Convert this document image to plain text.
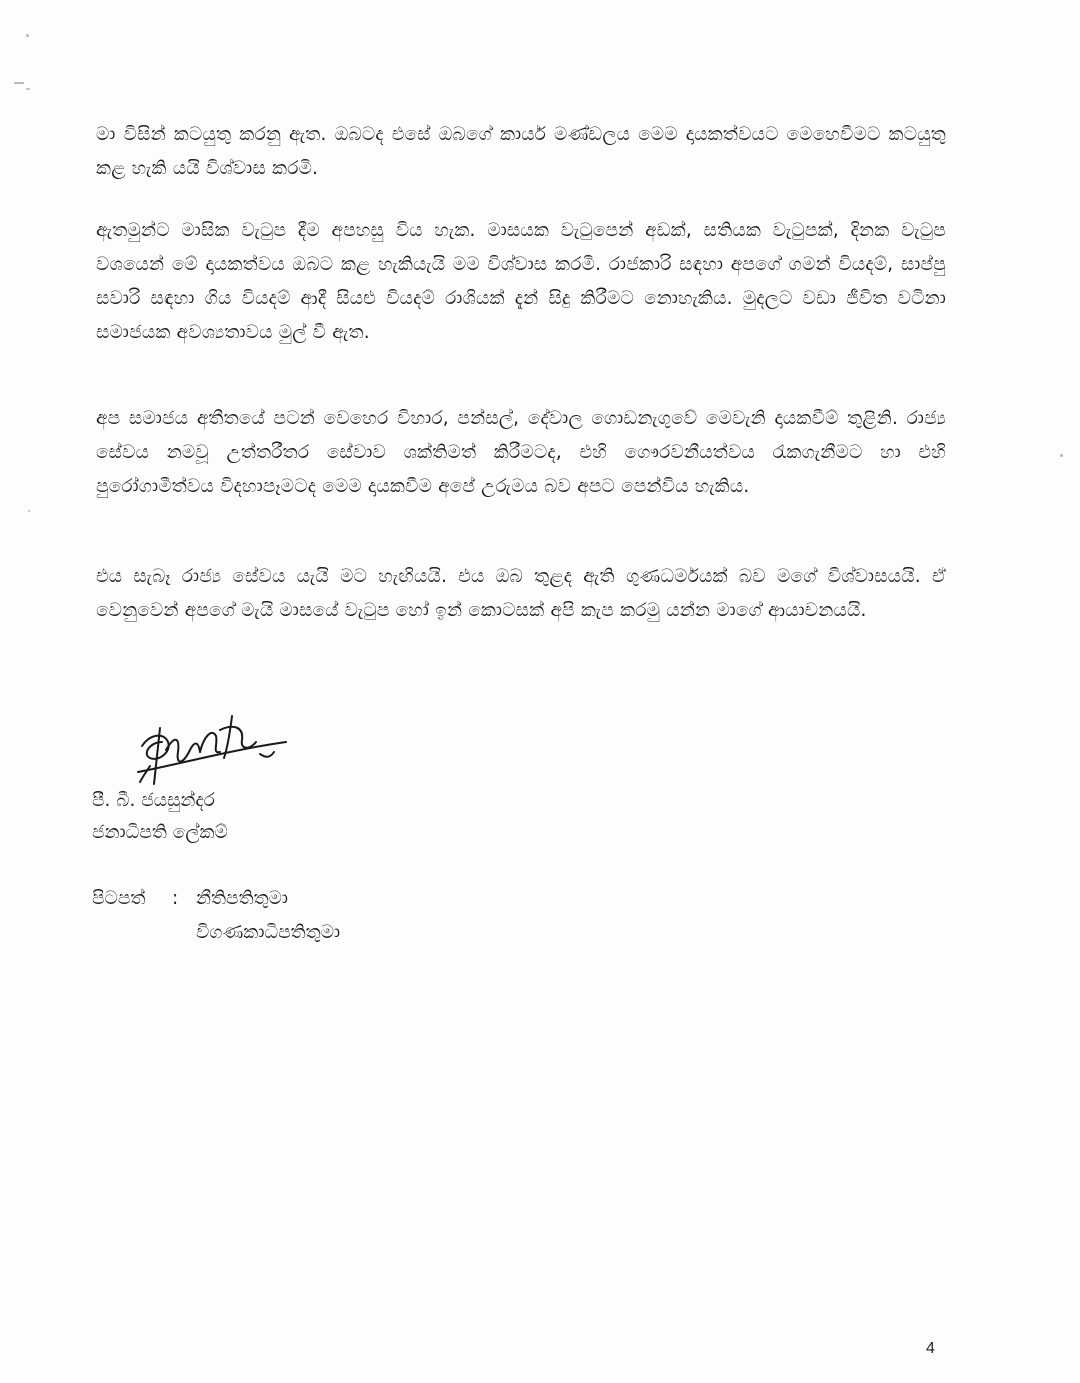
මා විසින් කටයුතු කරනු ඇත. ඔබටද එසේ ඔබගේ කාර්ය මණ්ඩලය මෙම දායකත්වයට මෙහෙවීමට කටයුතු කළ හැකි යයි විශ්වාස කරමි.

ඇතමුන්ට මාසික වැටුප දීම අපහසු විය හැක. මාසයක වැටුපෙන් අඩක්, සතියක වැටුපක්, දිනක වැටුප වශයෙන් මේ දායකත්වය ඔබට කළ හැකියැයි මම විශ්වාස කරමි. රාජකාරි සඳහා අපගේ ගමන් වියදම්, සාප්පු සවාරි සඳහා ගිය වියදම් ආදී සියළු වියදම් රාශියක් දැන් සිදු කිරීමට නොහැකිය. මුදලට වඩා ජීවිත වටිනා සමාජයක අවශ්‍යතාවය මුල් වී ඇත.

අප සමාජය අතීතයේ පටන් වෙහෙර විහාර, පන්සල්, දේවාල ගොඩනැගුවේ මෙවැනි දායකවීම් තුළිනි. රාජ්‍ය සේවය නමවූ උත්තරීතර සේවාව ශක්තිමත් කිරීමටද, එහි ගෞරවනීයත්වය රැකගැනීමට හා එහි පුරෝගාමීත්වය විදහාපෑමටද මෙම දායකවීම අපේ උරුමය බව අපට පෙන්විය හැකිය.

එය සැබෑ රාජ්‍ය සේවය යැයි මට හැඟියයි. එය ඔබ තුළද ඇති ගුණධර්මයක් බව මගේ විශ්වාසයයි. ඒ වෙනුවෙන් අපගේ මැයි මාසයේ වැටුප හෝ ඉන් කොටසක් අපි කැප කරමු යන්න මාගේ ආයාචනයයි.

පී. බී. ජයසුන්දර
ජනාධිපති ලේකම්
පිටපත්	: නීතිපතිතුමා
විගණකාධිපතිතුමා
4
